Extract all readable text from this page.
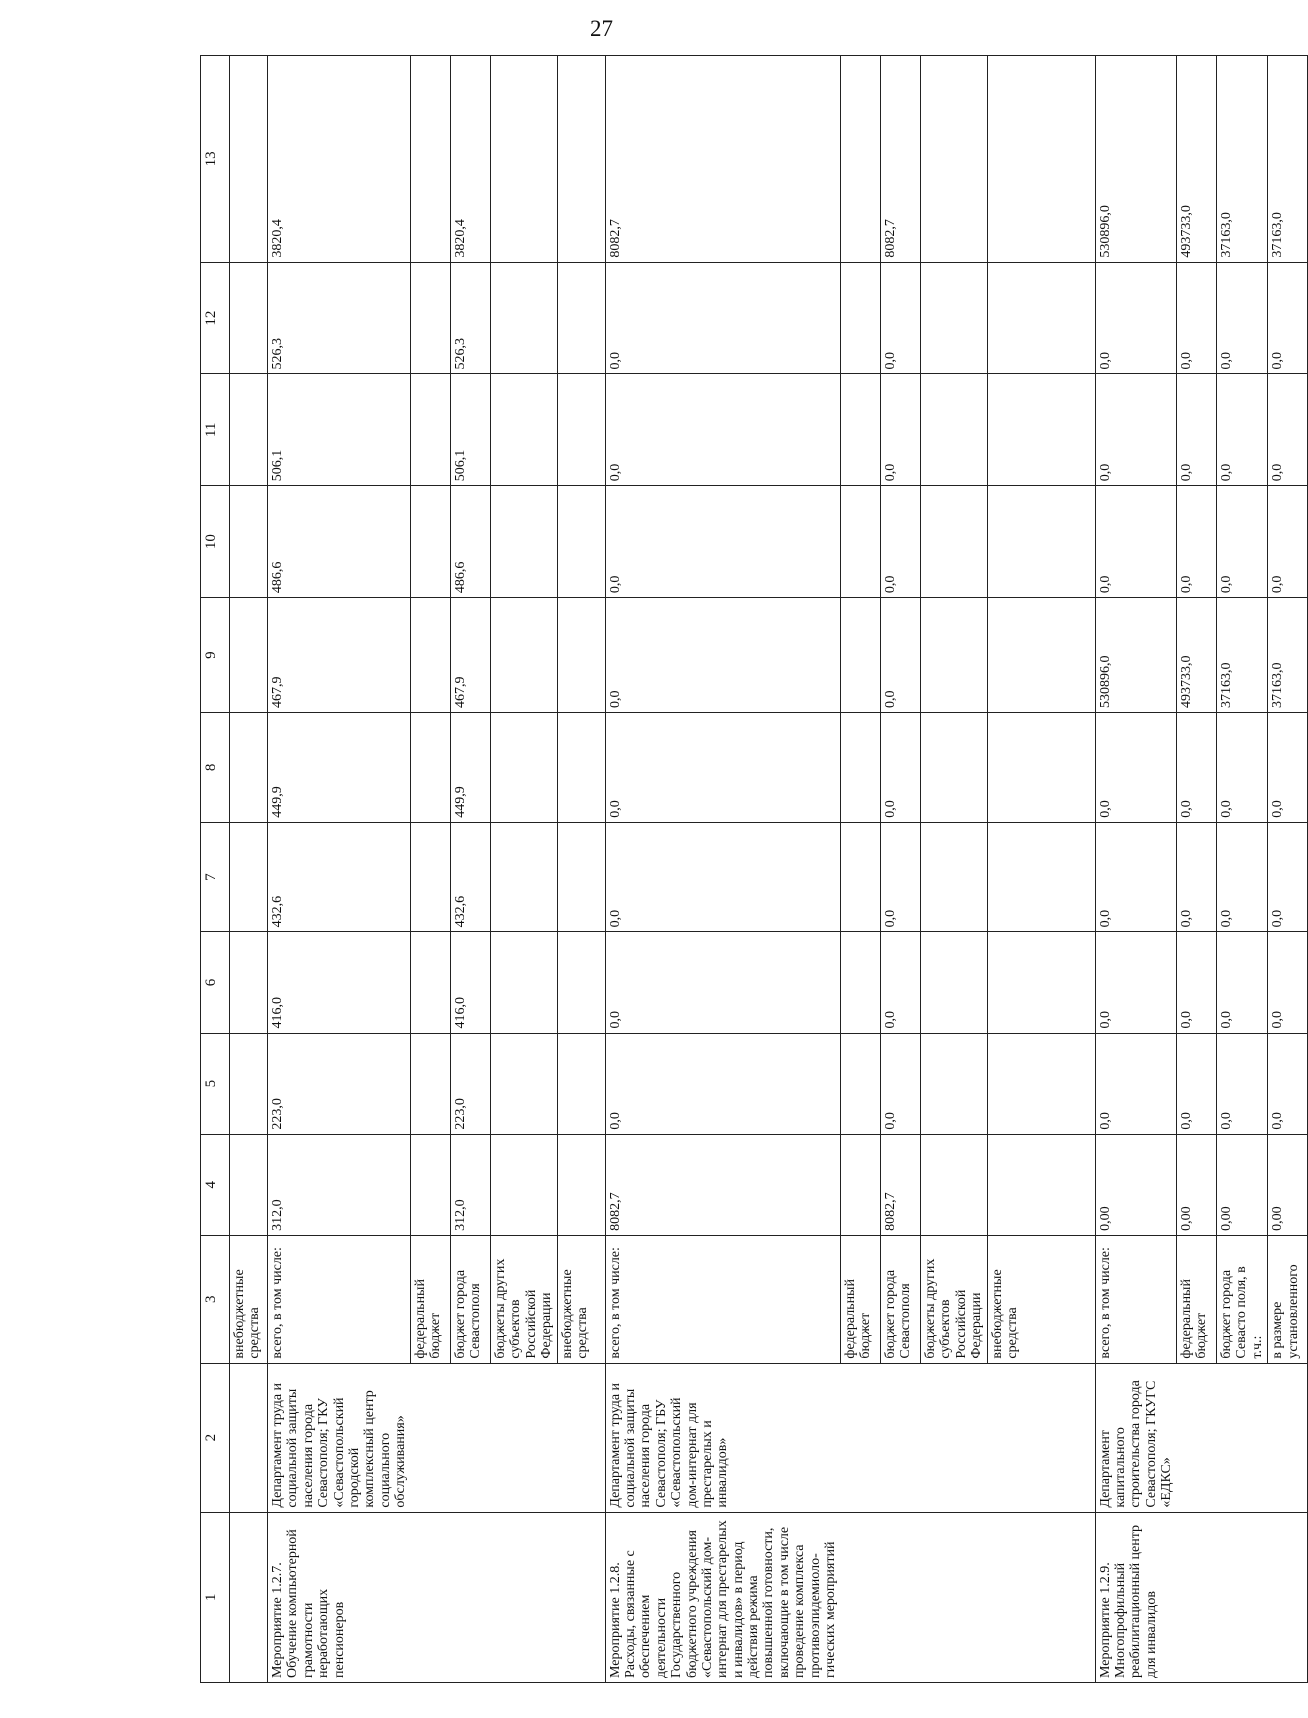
27
1	2	3	4	5	6	7	8	9	10	11	12	13
		внебюджетные средства										
Мероприятие 1.2.7. Обучение компьютерной грамотности неработающих пенсионеров	Департамент труда и социальной защиты населения города Севастополя; ГКУ «Севастопольский городской комплексный центр социального обслуживания»	всего, в том числе:	312,0	223,0	416,0	432,6	449,9	467,9	486,6	506,1	526,3	3820,4
		федеральный бюджет										
		бюджет города Севастополя	312,0	223,0	416,0	432,6	449,9	467,9	486,6	506,1	526,3	3820,4
		бюджеты других субъектов Российской Федерации										
		внебюджетные средства										
Мероприятие 1.2.8. Расходы, связанные с обеспечением деятельности Государственного бюджетного учреждения «Севастопольский дом-интернат для престарелых и инвалидов» в период действия режима повышенной готовности, включающие в том числе проведение комплекса противоэпидемиоло-гических мероприятий	Департамент труда и социальной защиты населения города Севастополя; ГБУ «Севастопольский дом-интернат для престарелых и инвалидов»	всего, в том числе:	8082,7	0,0	0,0	0,0	0,0	0,0	0,0	0,0	0,0	8082,7
		федеральный бюджет										
		бюджет города Севастополя	8082,7	0,0	0,0	0,0	0,0	0,0	0,0	0,0	0,0	8082,7
		бюджеты других субъектов Российской Федерации										
		внебюджетные средства										
Мероприятие 1.2.9. Многопрофильный реабилитационный центр для инвалидов	Департамент капитального строительства города Севастополя; ГКУГС «ЕДКС»	всего, в том числе:	0,00	0,0	0,0	0,0	0,0	530896,0	0,0	0,0	0,0	530896,0
		федеральный бюджет	0,00	0,0	0,0	0,0	0,0	493733,0	0,0	0,0	0,0	493733,0
		бюджет города Севасто поля, в т.ч.:	0,00	0,0	0,0	0,0	0,0	37163,0	0,0	0,0	0,0	37163,0
		в размере установленного	0,00	0,0	0,0	0,0	0,0	37163,0	0,0	0,0	0,0	37163,0
